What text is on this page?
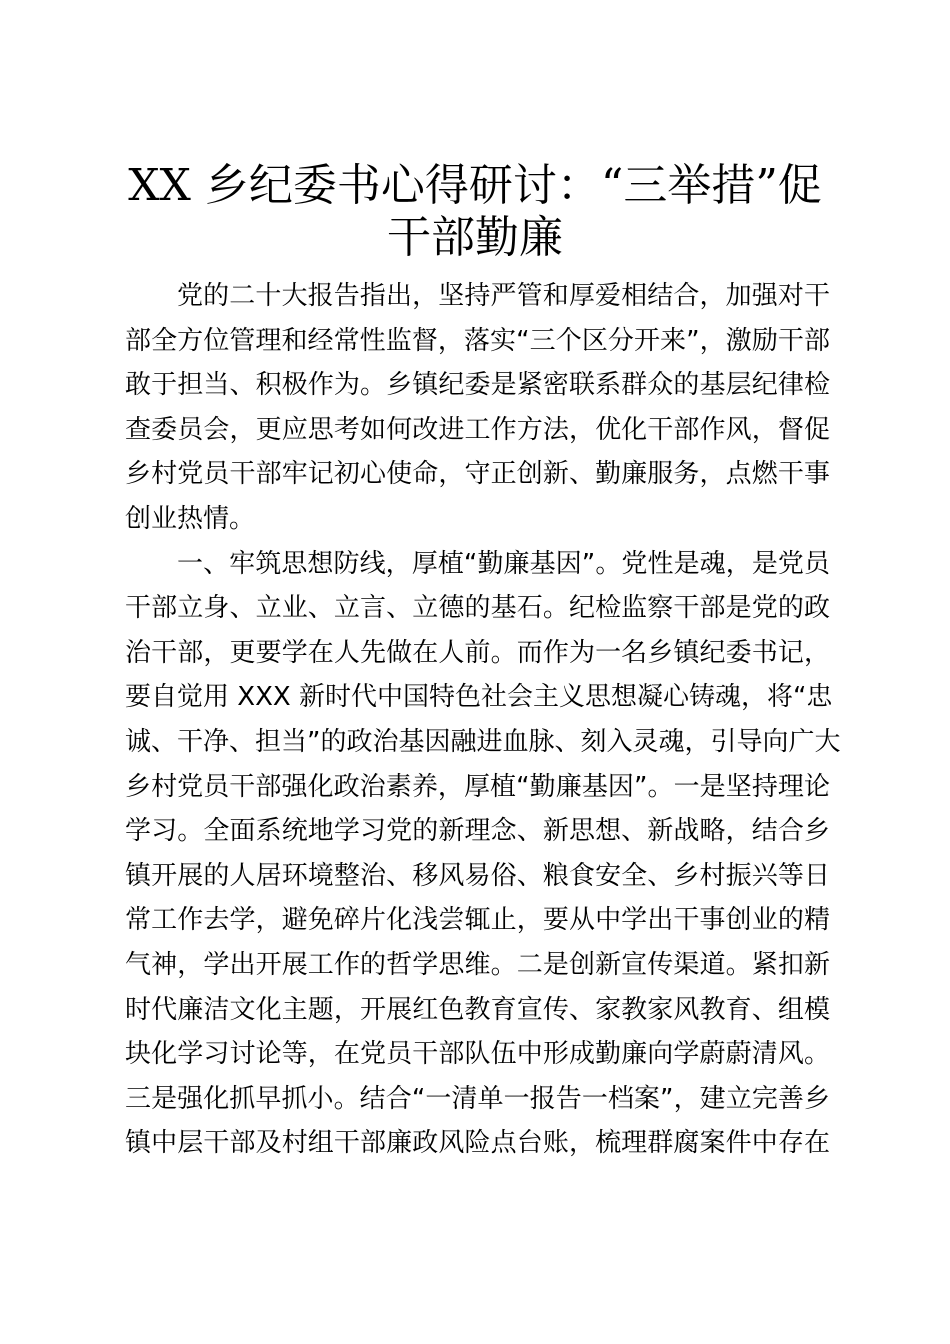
XX 乡纪委书心得研讨：“三举措”促
干部勤廉
党的二十大报告指出，坚持严管和厚爱相结合，加强对干
部全方位管理和经常性监督，落实“三个区分开来”，激励干部
敢于担当、积极作为。乡镇纪委是紧密联系群众的基层纪律检
查委员会，更应思考如何改进工作方法，优化干部作风，督促
乡村党员干部牢记初心使命，守正创新、勤廉服务，点燃干事
创业热情。
一、牢筑思想防线，厚植“勤廉基因”。党性是魂，是党员
干部立身、立业、立言、立德的基石。纪检监察干部是党的政
治干部，更要学在人先做在人前。而作为一名乡镇纪委书记，
要自觉用 XXX 新时代中国特色社会主义思想凝心铸魂，将“忠
诚、干净、担当”的政治基因融进血脉、刻入灵魂，引导向广大
乡村党员干部强化政治素养，厚植“勤廉基因”。一是坚持理论
学习。全面系统地学习党的新理念、新思想、新战略，结合乡
镇开展的人居环境整治、移风易俗、粮食安全、乡村振兴等日
常工作去学，避免碎片化浅尝辄止，要从中学出干事创业的精
气神，学出开展工作的哲学思维。二是创新宣传渠道。紧扣新
时代廉洁文化主题，开展红色教育宣传、家教家风教育、组模
块化学习讨论等，在党员干部队伍中形成勤廉向学蔚蔚清风。
三是强化抓早抓小。结合“一清单一报告一档案”，建立完善乡
镇中层干部及村组干部廉政风险点台账，梳理群腐案件中存在
